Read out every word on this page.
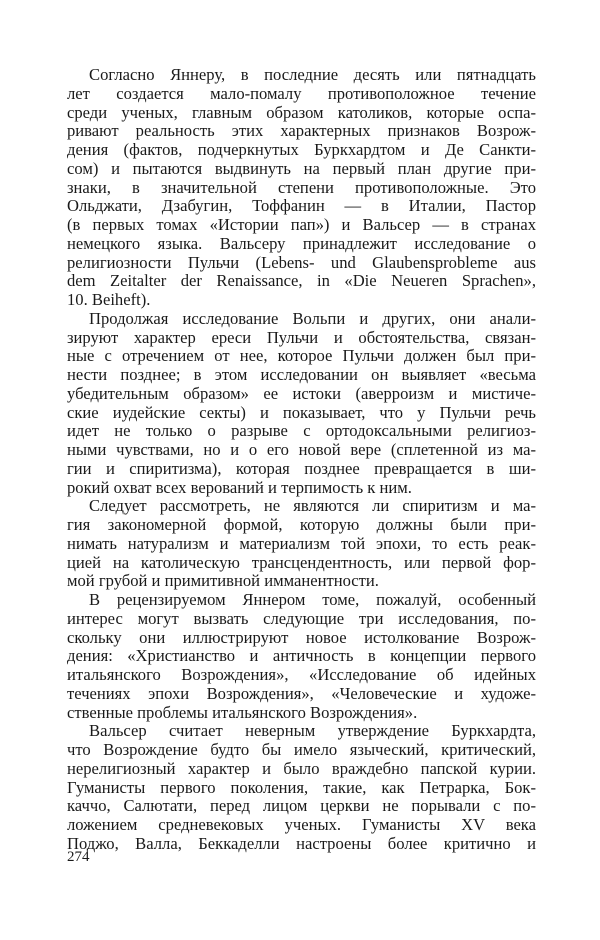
Согласно Яннеру, в последние десять или пятнадцать
лет создается мало-помалу противоположное течение
среди ученых, главным образом католиков, которые оспа-
ривают реальность этих характерных признаков Возрож-
дения (фактов, подчеркнутых Буркхардтом и Де Санкти-
сом) и пытаются выдвинуть на первый план другие при-
знаки, в значительной степени противоположные. Это
Ольджати, Дзабугин, Тоффанин — в Италии, Пастор
(в первых томах «Истории пап») и Вальсер — в странах
немецкого языка. Вальсеру принадлежит исследование о
религиозности Пульчи (Lebens- und Glaubensprobleme aus
dem Zeitalter der Renaissance, in «Die Neueren Sprachen»,
10. Beiheft).
Продолжая исследование Вольпи и других, они анали-
зируют характер ереси Пульчи и обстоятельства, связан-
ные с отречением от нее, которое Пульчи должен был при-
нести позднее; в этом исследовании он выявляет «весьма
убедительным образом» ее истоки (аверроизм и мистиче-
ские иудейские секты) и показывает, что у Пульчи речь
идет не только о разрыве с ортодоксальными религиоз-
ными чувствами, но и о его новой вере (сплетенной из ма-
гии и спиритизма), которая позднее превращается в ши-
рокий охват всех верований и терпимость к ним.
Следует рассмотреть, не являются ли спиритизм и ма-
гия закономерной формой, которую должны были при-
нимать натурализм и материализм той эпохи, то есть реак-
цией на католическую трансцендентность, или первой фор-
мой грубой и примитивной имманентности.
В рецензируемом Яннером томе, пожалуй, особенный
интерес могут вызвать следующие три исследования, по-
скольку они иллюстрируют новое истолкование Возрож-
дения: «Христианство и античность в концепции первого
итальянского Возрождения», «Исследование об идейных
течениях эпохи Возрождения», «Человеческие и художе-
ственные проблемы итальянского Возрождения».
Вальсер считает неверным утверждение Буркхардта,
что Возрождение будто бы имело языческий, критический,
нерелигиозный характер и было враждебно папской курии.
Гуманисты первого поколения, такие, как Петрарка, Бок-
каччо, Салютати, перед лицом церкви не порывали с по-
ложением средневековых ученых. Гуманисты XV века
Поджо, Валла, Беккаделли настроены более критично и
274
